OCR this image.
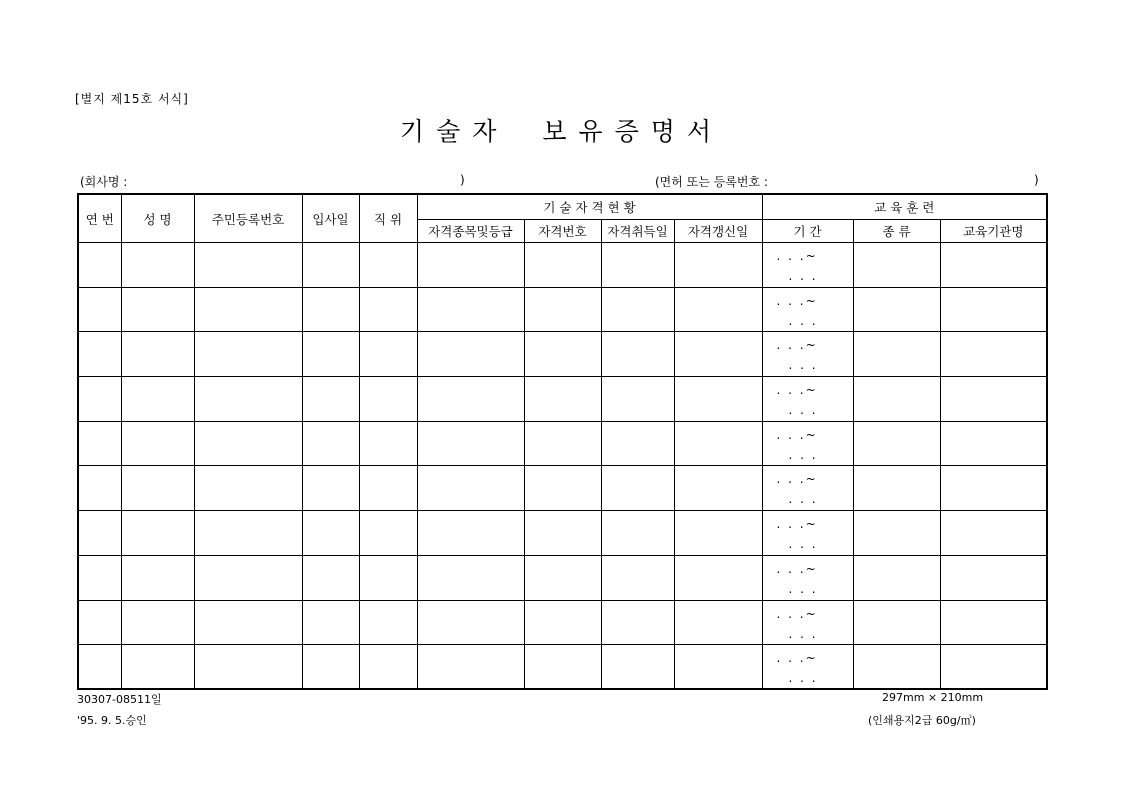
[별지 제15호 서식]
기술자 보유증명서
(회사명 :	)	(면허 또는 등록번호 :	)
연 번	성 명	주민등록번호	입사일	직 위	기 술 자 격 현 황				교 육 훈 련		
					자격종목및등급	자격번호	자격취득일	자격갱신일	기 간	종 류	교육기관명

									. . .~
. . .		

									. . .~
. . .		

									. . .~
. . .		

									. . .~
. . .		

									. . .~
. . .		

									. . .~
. . .		

									. . .~
. . .		

									. . .~
. . .		

									. . .~
. . .		

									. . .~
. . .		

30307-08511일	297mm × 210mm
'95. 9. 5.승인	(인쇄용지2급 60g/㎡)
